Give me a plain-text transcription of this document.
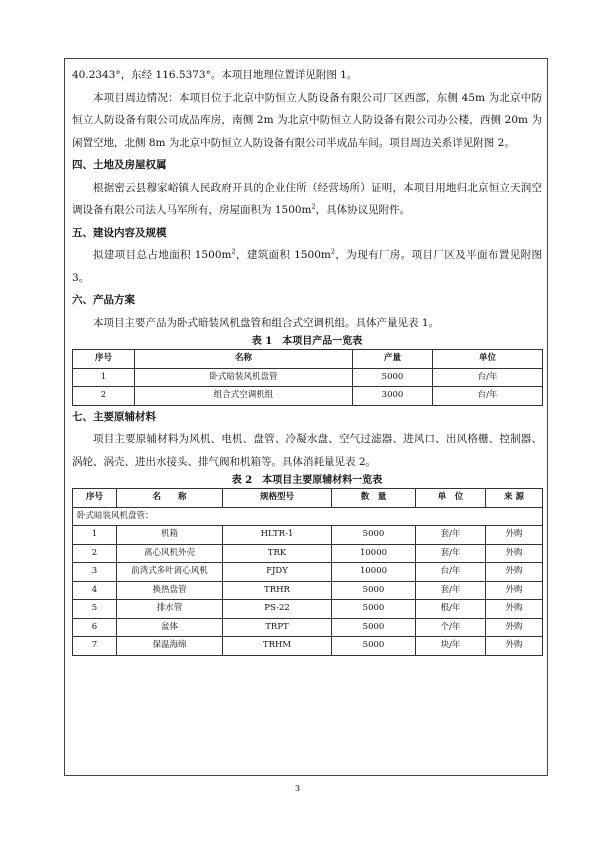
40.2343°，东经 116.5373°。本项目地理位置详见附图 1。

本项目周边情况：本项目位于北京中防恒立人防设备有限公司厂区西部，东侧 45m 为北京中防恒立人防设备有限公司成品库房，南侧 2m 为北京中防恒立人防设备有限公司办公楼，西侧 20m 为闲置空地，北侧 8m 为北京中防恒立人防设备有限公司半成品车间。项目周边关系详见附图 2。

四、土地及房屋权属

根据密云县穆家峪镇人民政府开具的企业住所（经营场所）证明，本项目用地归北京恒立天润空调设备有限公司法人马军所有，房屋面积为 $1500m^2$，具体协议见附件。

五、建设内容及规模

拟建项目总占地面积 $1500m^2$，建筑面积 $1500m^2$，为现有厂房。项目厂区及平面布置见附图 3。

六、产品方案

本项目主要产品为卧式暗装风机盘管和组合式空调机组。具体产量见表 1。

表 1　本项目产品一览表
序号	名称	产量	单位
1	卧式暗装风机盘管	5000	台/年
2	组合式空调机组	3000	台/年
七、主要原辅材料

项目主要原辅材料为风机、电机、盘管、冷凝水盘、空气过滤器、进风口、出风格栅、控制器、涡轮、涡壳、进出水接头、排气阀和机箱等。具体消耗量见表 2。

表 2　本项目主要原辅材料一览表
序号	名　　称	规格型号	数　量	单　位	来 源
卧式暗装风机盘管：					
1	机箱	HLTR-1	5000	套/年	外购
2	离心风机外壳	TRK	10000	套/年	外购
3	前湾式多叶离心风机	FJDY	10000	台/年	外购
4	换热盘管	TRHR	5000	套/年	外购
5	排水管	PS-22	5000	根/年	外购
6	盆体	TRPT	5000	个/年	外购
7	保温海绵	TRHM	5000	块/年	外购
3
